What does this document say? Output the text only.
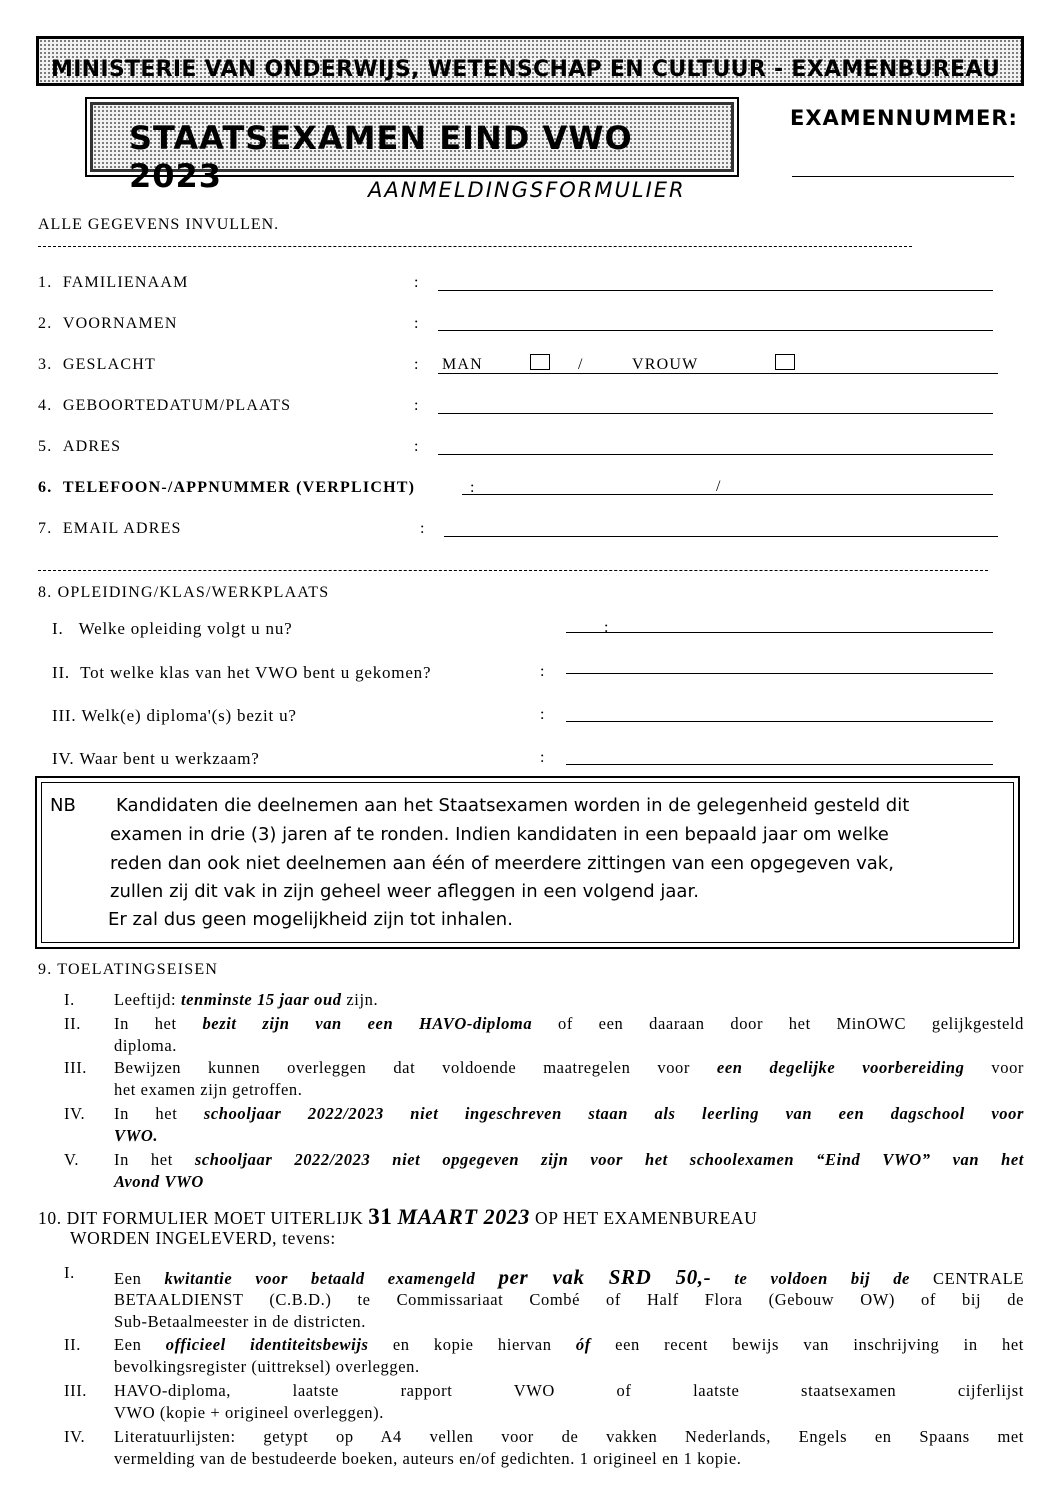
MINISTERIE VAN ONDERWIJS, WETENSCHAP EN CULTUUR - EXAMENBUREAU
STAATSEXAMEN EIND VWO 2023
EXAMENNUMMER:
AANMELDINGSFORMULIER
ALLE GEGEVENS INVULLEN.
1. FAMILIENAAM	:
2. VOORNAMEN	:
3. GESLACHT	: MAN	/	VROUW
4. GEBOORTEDATUM/PLAATS	:
5. ADRES	:
6. TELEFOON-/APPNUMMER (VERPLICHT)	:	/
7. EMAIL ADRES	:
8. OPLEIDING/KLAS/WERKPLAATS
I. Welke opleiding volgt u nu?	:
II. Tot welke klas van het VWO bent u gekomen?	:
III. Welk(e) diploma'(s) bezit u?	:
IV. Waar bent u werkzaam?	:
NB Kandidaten die deelnemen aan het Staatsexamen worden in de gelegenheid gesteld dit
examen in drie (3) jaren af te ronden. Indien kandidaten in een bepaald jaar om welke
reden dan ook niet deelnemen aan één of meerdere zittingen van een opgegeven vak,
zullen zij dit vak in zijn geheel weer afleggen in een volgend jaar.
Er zal dus geen mogelijkheid zijn tot inhalen.
9. TOELATINGSEISEN
I. Leeftijd: tenminste 15 jaar oud zijn.
II. In het bezit zijn van een HAVO-diploma of een daaraan door het MinOWC gelijkgesteld
diploma.
III. Bewijzen kunnen overleggen dat voldoende maatregelen voor een degelijke voorbereiding voor
het examen zijn getroffen.
IV. In het schooljaar 2022/2023 niet ingeschreven staan als leerling van een dagschool voor
VWO.
V. In het schooljaar 2022/2023 niet opgegeven zijn voor het schoolexamen “Eind VWO” van het
Avond VWO
10. DIT FORMULIER MOET UITERLIJK 31 MAART 2023 OP HET EXAMENBUREAU
WORDEN INGELEVERD, tevens:
I. Een kwitantie voor betaald examengeld per vak SRD 50,- te voldoen bij de CENTRALE
BETAALDIENST (C.B.D.) te Commissariaat Combé of Half Flora (Gebouw OW) of bij de
Sub-Betaalmeester in de districten.
II. Een officieel identiteitsbewijs en kopie hiervan óf een recent bewijs van inschrijving in het
bevolkingsregister (uittreksel) overleggen.
III. HAVO-diploma, laatste rapport VWO of laatste staatsexamen cijferlijst
VWO (kopie + origineel overleggen).
IV. Literatuurlijsten: getypt op A4 vellen voor de vakken Nederlands, Engels en Spaans met
vermelding van de bestudeerde boeken, auteurs en/of gedichten. 1 origineel en 1 kopie.
